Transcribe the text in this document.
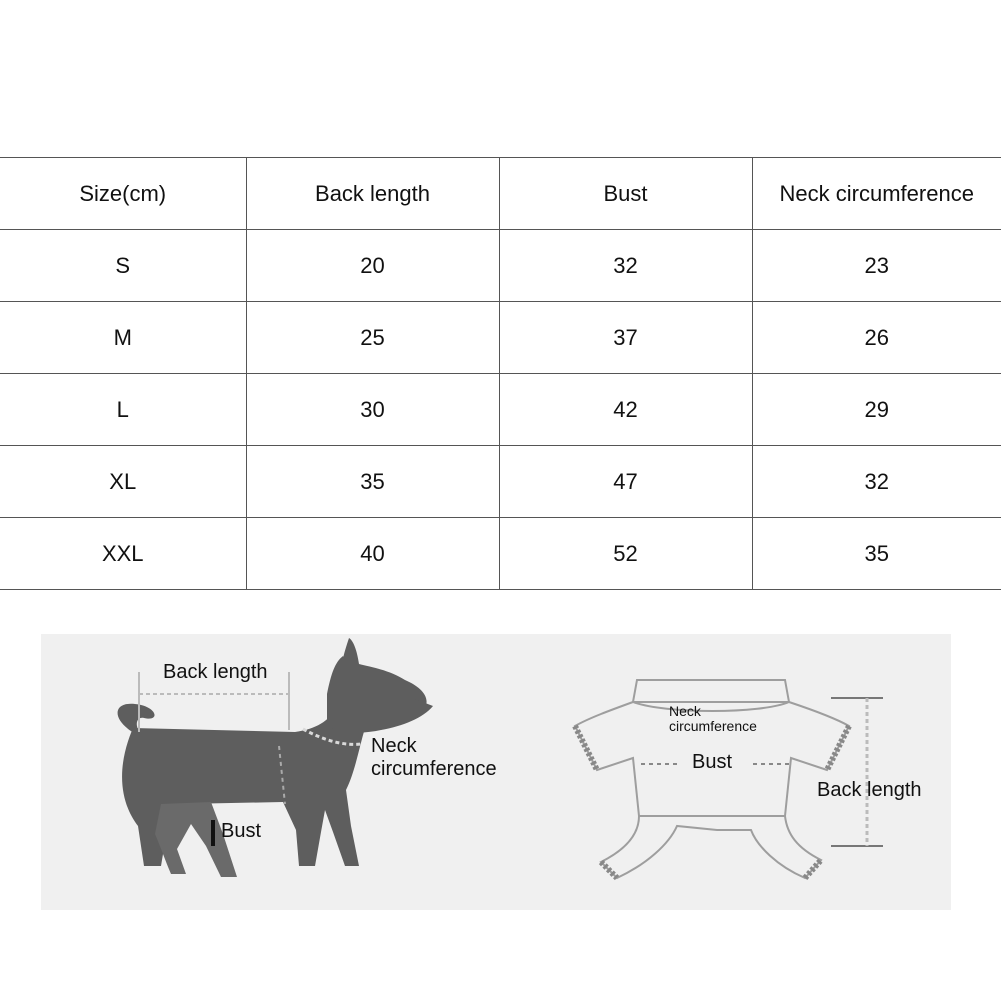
Size(cm)	Back length	Bust	Neck circumference
S	20	32	23
M	25	37	26
L	30	42	29
XL	35	47	32
XXL	40	52	35
Back length
Neck
circumference
Bust
Neck
circumference
Bust
Back length
